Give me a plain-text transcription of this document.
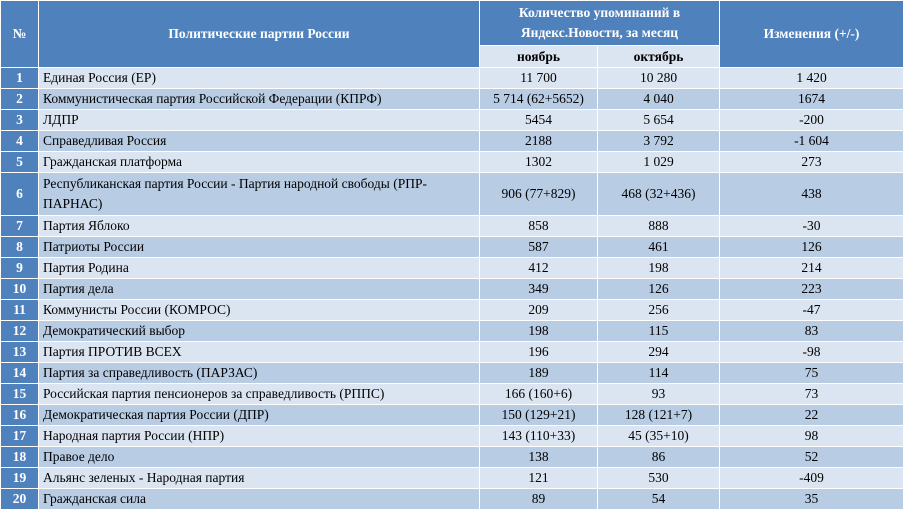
№	Политические партии России	Количество упоминаний в Яндекс.Новости, за месяц		Изменения (+/-)
		ноябрь	октябрь	
1	Единая Россия (ЕР)	11 700	10 280	1 420
2	Коммунистическая партия Российской Федерации (КПРФ)	5 714 (62+5652)	4 040	1674
3	ЛДПР	5454	5 654	-200
4	Справедливая Россия	2188	3 792	-1 604
5	Гражданская платформа	1302	1 029	273
6	Республиканская партия России - Партия народной свободы (РПР-ПАРНАС)	906 (77+829)	468 (32+436)	438
7	Партия Яблоко	858	888	-30
8	Патриоты России	587	461	126
9	Партия Родина	412	198	214
10	Партия дела	349	126	223
11	Коммунисты России (КОМРОС)	209	256	-47
12	Демократический выбор	198	115	83
13	Партия ПРОТИВ ВСЕХ	196	294	-98
14	Партия за справедливость (ПАРЗАС)	189	114	75
15	Российская партия пенсионеров за справедливость (РППС)	166 (160+6)	93	73
16	Демократическая партия России (ДПР)	150 (129+21)	128 (121+7)	22
17	Народная партия России (НПР)	143 (110+33)	45 (35+10)	98
18	Правое дело	138	86	52
19	Альянс зеленых - Народная партия	121	530	-409
20	Гражданская сила	89	54	35
